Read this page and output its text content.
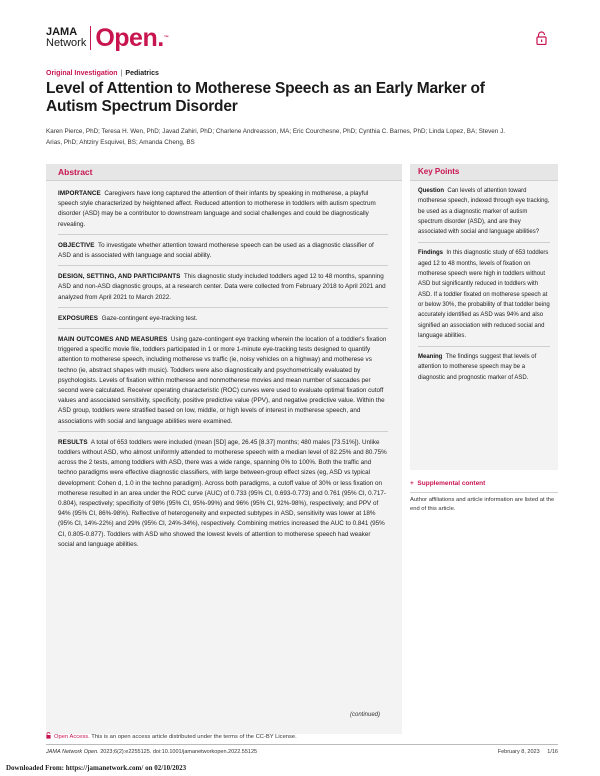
JAMA
Network Open.™
Original Investigation | Pediatrics
Level of Attention to Motherese Speech as an Early Marker of Autism Spectrum Disorder
Karen Pierce, PhD; Teresa H. Wen, PhD; Javad Zahiri, PhD; Charlene Andreasson, MA; Eric Courchesne, PhD; Cynthia C. Barnes, PhD; Linda Lopez, BA; Steven J. Arias, PhD; Ahtziry Esquivel, BS; Amanda Cheng, BS
Abstract

IMPORTANCE Caregivers have long captured the attention of their infants by speaking in motherese, a playful speech style characterized by heightened affect. Reduced attention to motherese in toddlers with autism spectrum disorder (ASD) may be a contributor to downstream language and social challenges and could be diagnostically revealing.

OBJECTIVE To investigate whether attention toward motherese speech can be used as a diagnostic classifier of ASD and is associated with language and social ability.

DESIGN, SETTING, AND PARTICIPANTS This diagnostic study included toddlers aged 12 to 48 months, spanning ASD and non-ASD diagnostic groups, at a research center. Data were collected from February 2018 to April 2021 and analyzed from April 2021 to March 2022.

EXPOSURES Gaze-contingent eye-tracking test.

MAIN OUTCOMES AND MEASURES Using gaze-contingent eye tracking wherein the location of a toddler's fixation triggered a specific movie file, toddlers participated in 1 or more 1-minute eye-tracking tests designed to quantify attention to motherese speech, including motherese vs traffic (ie, noisy vehicles on a highway) and motherese vs techno (ie, abstract shapes with music). Toddlers were also diagnostically and psychometrically evaluated by psychologists. Levels of fixation within motherese and nonmotherese movies and mean number of saccades per second were calculated. Receiver operating characteristic (ROC) curves were used to evaluate optimal fixation cutoff values and associated sensitivity, specificity, positive predictive value (PPV), and negative predictive value. Within the ASD group, toddlers were stratified based on low, middle, or high levels of interest in motherese speech, and associations with social and language abilities were examined.

RESULTS A total of 653 toddlers were included (mean [SD] age, 26.45 [8.37] months; 480 males [73.51%]). Unlike toddlers without ASD, who almost uniformly attended to motherese speech with a median level of 82.25% and 80.75% across the 2 tests, among toddlers with ASD, there was a wide range, spanning 0% to 100%. Both the traffic and techno paradigms were effective diagnostic classifiers, with large between-group effect sizes (eg, ASD vs typical development: Cohen d, 1.0 in the techno paradigm). Across both paradigms, a cutoff value of 30% or less fixation on motherese resulted in an area under the ROC curve (AUC) of 0.733 (95% CI, 0.693-0.773) and 0.761 (95% CI, 0.717-0.804), respectively; specificity of 98% (95% CI, 95%-99%) and 96% (95% CI, 92%-98%), respectively; and PPV of 94% (95% CI, 86%-98%). Reflective of heterogeneity and expected subtypes in ASD, sensitivity was lower at 18% (95% CI, 14%-22%) and 29% (95% CI, 24%-34%), respectively. Combining metrics increased the AUC to 0.841 (95% CI, 0.805-0.877). Toddlers with ASD who showed the lowest levels of attention to motherese speech had weaker social and language abilities.

(continued)
Key Points

Question Can levels of attention toward motherese speech, indexed through eye tracking, be used as a diagnostic marker of autism spectrum disorder (ASD), and are they associated with social and language abilities?

Findings In this diagnostic study of 653 toddlers aged 12 to 48 months, levels of fixation on motherese speech were high in toddlers without ASD but significantly reduced in toddlers with ASD. If a toddler fixated on motherese speech at or below 30%, the probability of that toddler being accurately identified as ASD was 94% and also signified an association with reduced social and language abilities.

Meaning The findings suggest that levels of attention to motherese speech may be a diagnostic and prognostic marker of ASD.

+ Supplemental content
Author affiliations and article information are listed at the end of this article.
Open Access. This is an open access article distributed under the terms of the CC-BY License.
JAMA Network Open. 2023;6(2):e2255125. doi:10.1001/jamanetworkopen.2022.55125	February 8, 2023 1/16
Downloaded From: https://jamanetwork.com/ on 02/10/2023
